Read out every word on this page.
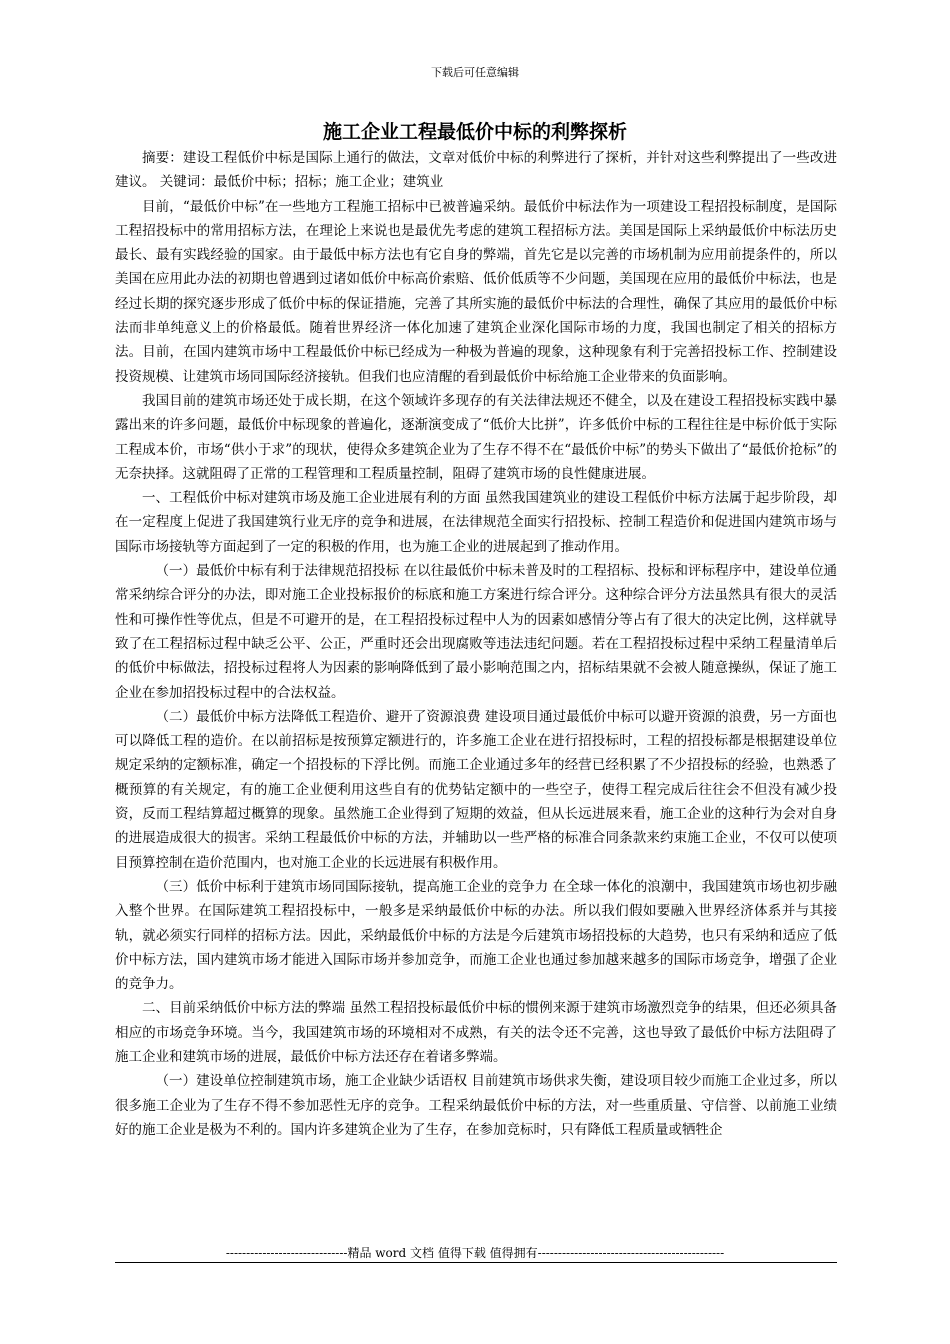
下载后可任意编辑
施工企业工程最低价中标的利弊探析

摘要：建设工程低价中标是国际上通行的做法，文章对低价中标的利弊进行了探析，并针对这些利弊提出了一些改进建议。 关键词：最低价中标；招标；施工企业；建筑业

目前，“最低价中标”在一些地方工程施工招标中已被普遍采纳。最低价中标法作为一项建设工程招投标制度，是国际工程招投标中的常用招标方法，在理论上来说也是最优先考虑的建筑工程招标方法。美国是国际上采纳最低价中标法历史最长、最有实践经验的国家。由于最低中标方法也有它自身的弊端，首先它是以完善的市场机制为应用前提条件的，所以美国在应用此办法的初期也曾遇到过诸如低价中标高价索赔、低价低质等不少问题，美国现在应用的最低价中标法，也是经过长期的探究逐步形成了低价中标的保证措施，完善了其所实施的最低价中标法的合理性，确保了其应用的最低价中标法而非单纯意义上的价格最低。随着世界经济一体化加速了建筑企业深化国际市场的力度，我国也制定了相关的招标方法。目前，在国内建筑市场中工程最低价中标已经成为一种极为普遍的现象，这种现象有利于完善招投标工作、控制建设投资规模、让建筑市场同国际经济接轨。但我们也应清醒的看到最低价中标给施工企业带来的负面影响。

我国目前的建筑市场还处于成长期，在这个领域许多现存的有关法律法规还不健全，以及在建设工程招投标实践中暴露出来的许多问题，最低价中标现象的普遍化，逐渐演变成了“低价大比拼”，许多低价中标的工程往往是中标价低于实际工程成本价，市场“供小于求”的现状，使得众多建筑企业为了生存不得不在“最低价中标”的势头下做出了“最低价抢标”的无奈抉择。这就阻碍了正常的工程管理和工程质量控制，阻碍了建筑市场的良性健康进展。

一、工程低价中标对建筑市场及施工企业进展有利的方面 虽然我国建筑业的建设工程低价中标方法属于起步阶段，却在一定程度上促进了我国建筑行业无序的竞争和进展，在法律规范全面实行招投标、控制工程造价和促进国内建筑市场与国际市场接轨等方面起到了一定的积极的作用，也为施工企业的进展起到了推动作用。

（一）最低价中标有利于法律规范招投标 在以往最低价中标未普及时的工程招标、投标和评标程序中，建设单位通常采纳综合评分的办法，即对施工企业投标报价的标底和施工方案进行综合评分。这种综合评分方法虽然具有很大的灵活性和可操作性等优点，但是不可避开的是，在工程招投标过程中人为的因素如感情分等占有了很大的决定比例，这样就导致了在工程招标过程中缺乏公平、公正，严重时还会出现腐败等违法违纪问题。若在工程招投标过程中采纳工程量清单后的低价中标做法，招投标过程将人为因素的影响降低到了最小影响范围之内，招标结果就不会被人随意操纵，保证了施工企业在参加招投标过程中的合法权益。

（二）最低价中标方法降低工程造价、避开了资源浪费 建设项目通过最低价中标可以避开资源的浪费，另一方面也可以降低工程的造价。在以前招标是按预算定额进行的，许多施工企业在进行招投标时，工程的招投标都是根据建设单位规定采纳的定额标准，确定一个招投标的下浮比例。而施工企业通过多年的经营已经积累了不少招投标的经验，也熟悉了概预算的有关规定，有的施工企业便利用这些自有的优势钻定额中的一些空子，使得工程完成后往往会不但没有减少投资，反而工程结算超过概算的现象。虽然施工企业得到了短期的效益，但从长远进展来看，施工企业的这种行为会对自身的进展造成很大的损害。采纳工程最低价中标的方法，并辅助以一些严格的标准合同条款来约束施工企业，不仅可以使项目预算控制在造价范围内，也对施工企业的长远进展有积极作用。

（三）低价中标利于建筑市场同国际接轨，提高施工企业的竞争力 在全球一体化的浪潮中，我国建筑市场也初步融入整个世界。在国际建筑工程招投标中，一般多是采纳最低价中标的办法。所以我们假如要融入世界经济体系并与其接轨，就必须实行同样的招标方法。因此，采纳最低价中标的方法是今后建筑市场招投标的大趋势，也只有采纳和适应了低价中标方法，国内建筑市场才能进入国际市场并参加竞争，而施工企业也通过参加越来越多的国际市场竞争，增强了企业的竞争力。

二、目前采纳低价中标方法的弊端 虽然工程招投标最低价中标的惯例来源于建筑市场激烈竞争的结果，但还必须具备相应的市场竞争环境。当今，我国建筑市场的环境相对不成熟，有关的法令还不完善，这也导致了最低价中标方法阻碍了施工企业和建筑市场的进展，最低价中标方法还存在着诸多弊端。

（一）建设单位控制建筑市场，施工企业缺少话语权 目前建筑市场供求失衡，建设项目较少而施工企业过多，所以很多施工企业为了生存不得不参加恶性无序的竞争。工程采纳最低价中标的方法，对一些重质量、守信誉、以前施工业绩好的施工企业是极为不利的。国内许多建筑企业为了生存，在参加竞标时，只有降低工程质量或牺牲企

------------------------------精品 word 文档 值得下载 值得拥有----------------------------------------------
